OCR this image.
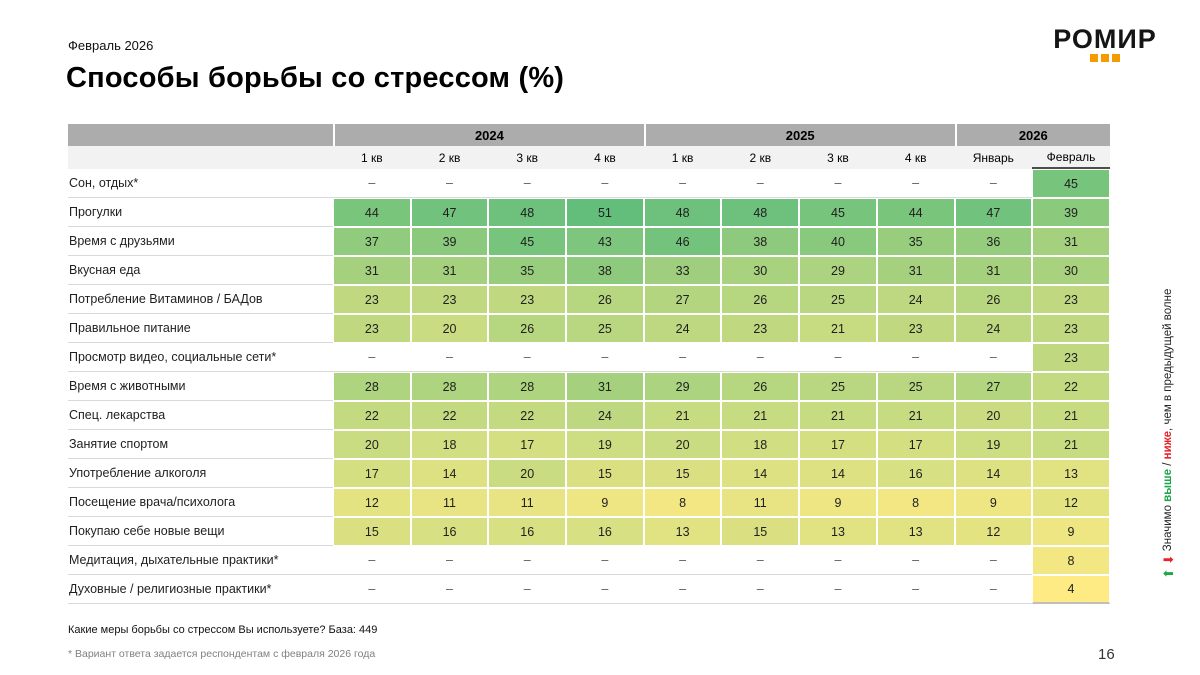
Февраль 2026
Способы борьбы со стрессом (%)
РОМИР
2024	2025	2026
1 кв	2 кв	3 кв	4 кв	1 кв	2 кв	3 кв	4 кв	Январь	Февраль
Сон, отдых*	–	–	–	–	–	–	–	–	–	45
Прогулки	44	47	48	51	48	48	45	44	47	39
Время с друзьями	37	39	45	43	46	38	40	35	36	31
Вкусная еда	31	31	35	38	33	30	29	31	31	30
Потребление Витаминов / БАДов	23	23	23	26	27	26	25	24	26	23
Правильное питание	23	20	26	25	24	23	21	23	24	23
Просмотр видео, социальные сети*	–	–	–	–	–	–	–	–	–	23
Время с животными	28	28	28	31	29	26	25	25	27	22
Спец. лекарства	22	22	22	24	21	21	21	21	20	21
Занятие спортом	20	18	17	19	20	18	17	17	19	21
Употребление алкоголя	17	14	20	15	15	14	14	16	14	13
Посещение врача/психолога	12	11	11	9	8	11	9	8	9	12
Покупаю себе новые вещи	15	16	16	16	13	15	13	13	12	9
Медитация, дыхательные практики*	–	–	–	–	–	–	–	–	–	8
Духовные / религиозные практики*	–	–	–	–	–	–	–	–	–	4
⬆
⬇
Значимо выше / ниже, чем в предыдущей волне
Какие меры борьбы со стрессом Вы используете? База: 449
* Вариант ответа задается респондентам с февраля 2026 года	16
